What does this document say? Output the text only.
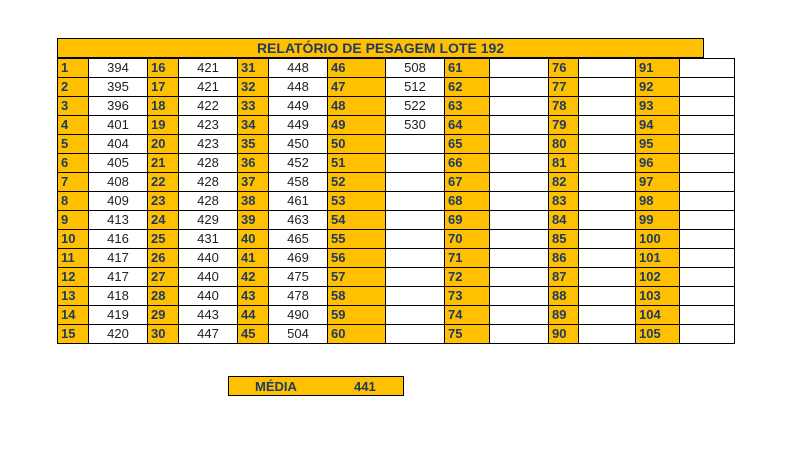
RELATÓRIO DE PESAGEM LOTE 192
1	394	16	421	31	448	46	508	61		76		91	
2	395	17	421	32	448	47	512	62		77		92	
3	396	18	422	33	449	48	522	63		78		93	
4	401	19	423	34	449	49	530	64		79		94	
5	404	20	423	35	450	50		65		80		95	
6	405	21	428	36	452	51		66		81		96	
7	408	22	428	37	458	52		67		82		97	
8	409	23	428	38	461	53		68		83		98	
9	413	24	429	39	463	54		69		84		99	
10	416	25	431	40	465	55		70		85		100	
11	417	26	440	41	469	56		71		86		101	
12	417	27	440	42	475	57		72		87		102	
13	418	28	440	43	478	58		73		88		103	
14	419	29	443	44	490	59		74		89		104	
15	420	30	447	45	504	60		75		90		105	
MÉDIA	441
